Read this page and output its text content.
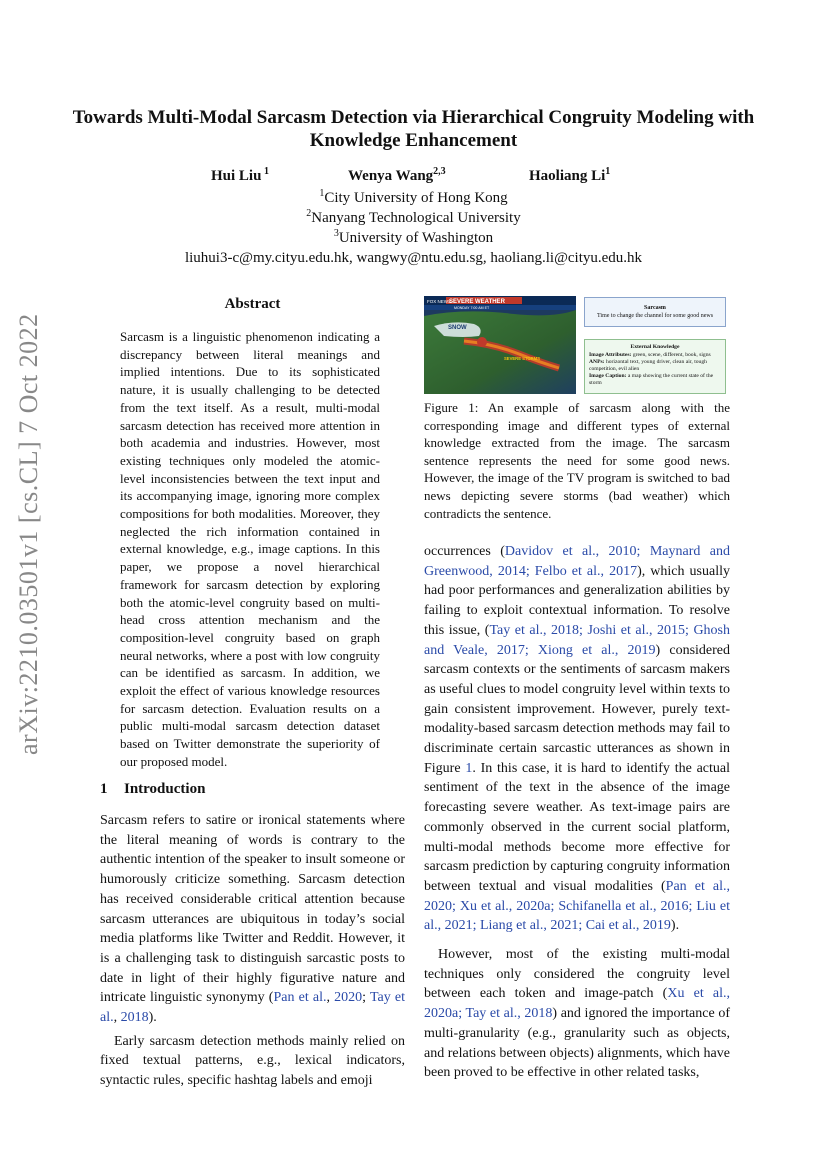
arXiv:2210.03501v1 [cs.CL] 7 Oct 2022
Towards Multi-Modal Sarcasm Detection via Hierarchical Congruity Modeling with Knowledge Enhancement
Hui Liu $^1$	Wenya Wang$^{2,3}$	Haoliang Li$^1$
$^1$City University of Hong Kong
$^2$Nanyang Technological University
$^3$University of Washington
liuhui3-c@my.cityu.edu.hk, wangwy@ntu.edu.sg, haoliang.li@cityu.edu.hk
Abstract
Sarcasm is a linguistic phenomenon indicating a discrepancy between literal meanings and implied intentions. Due to its sophisticated nature, it is usually challenging to be detected from the text itself. As a result, multi-modal sarcasm detection has received more attention in both academia and industries. However, most existing techniques only modeled the atomic-level inconsistencies between the text input and its accompanying image, ignoring more complex compositions for both modalities. Moreover, they neglected the rich information contained in external knowledge, e.g., image captions. In this paper, we propose a novel hierarchical framework for sarcasm detection by exploring both the atomic-level congruity based on multi-head cross attention mechanism and the composition-level congruity based on graph neural networks, where a post with low congruity can be identified as sarcasm. In addition, we exploit the effect of various knowledge resources for sarcasm detection. Evaluation results on a public multi-modal sarcasm detection dataset based on Twitter demonstrate the superiority of our proposed model.
FOX NEWS
SEVERE WEATHER
MONDAY 7:00 AM ET
SNOW
SEVERE STORMS
Sarcasm
Time to change the channel for some good news
External Knowledge
Image Attributes: green, scene, different, book, signs
ANPs: horizontal text, young driver, clean air, tough competition, evil alien
Image Caption: a map showing the current state of the storm
Figure 1: An example of sarcasm along with the corresponding image and different types of external knowledge extracted from the image. The sarcasm sentence represents the need for some good news. However, the image of the TV program is switched to bad news depicting severe storms (bad weather) which contradicts the sentence.
1 Introduction

Sarcasm refers to satire or ironical statements where the literal meaning of words is contrary to the authentic intention of the speaker to insult someone or humorously criticize something. Sarcasm detection has received considerable critical attention because sarcasm utterances are ubiquitous in today’s social media platforms like Twitter and Reddit. However, it is a challenging task to distinguish sarcastic posts to date in light of their highly figurative nature and intricate linguistic synonymy (Pan et al., 2020; Tay et al., 2018).

Early sarcasm detection methods mainly relied on fixed textual patterns, e.g., lexical indicators, syntactic rules, specific hashtag labels and emoji

occurrences (Davidov et al., 2010; Maynard and Greenwood, 2014; Felbo et al., 2017), which usually had poor performances and generalization abilities by failing to exploit contextual information. To resolve this issue, (Tay et al., 2018; Joshi et al., 2015; Ghosh and Veale, 2017; Xiong et al., 2019) considered sarcasm contexts or the sentiments of sarcasm makers as useful clues to model congruity level within texts to gain consistent improvement. However, purely text-modality-based sarcasm detection methods may fail to discriminate certain sarcastic utterances as shown in Figure 1. In this case, it is hard to identify the actual sentiment of the text in the absence of the image forecasting severe weather. As text-image pairs are commonly observed in the current social platform, multi-modal methods become more effective for sarcasm prediction by capturing congruity information between textual and visual modalities (Pan et al., 2020; Xu et al., 2020a; Schifanella et al., 2016; Liu et al., 2021; Liang et al., 2021; Cai et al., 2019).

However, most of the existing multi-modal techniques only considered the congruity level between each token and image-patch (Xu et al., 2020a; Tay et al., 2018) and ignored the importance of multi-granularity (e.g., granularity such as objects, and relations between objects) alignments, which have been proved to be effective in other related tasks,
